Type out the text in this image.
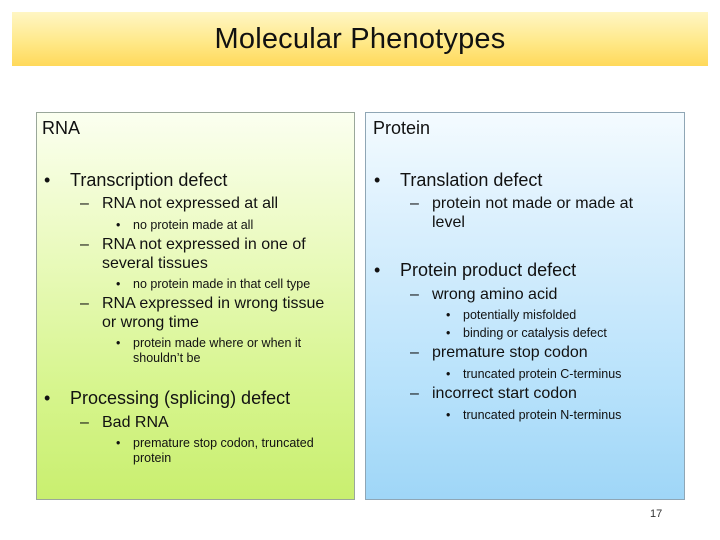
Molecular Phenotypes
RNA
• Transcription defect
– RNA not expressed at all
• no protein made at all
– RNA not expressed in one of
several tissues
• no protein made in that cell type
– RNA expressed in wrong tissue
or wrong time
• protein made where or when it
shouldn’t be
• Processing (splicing) defect
– Bad RNA
• premature stop codon, truncated
protein
Protein
• Translation defect
– protein not made or made at
level
• Protein product defect
– wrong amino acid
• potentially misfolded
• binding or catalysis defect
– premature stop codon
• truncated protein C-terminus
– incorrect start codon
• truncated protein N-terminus
17
